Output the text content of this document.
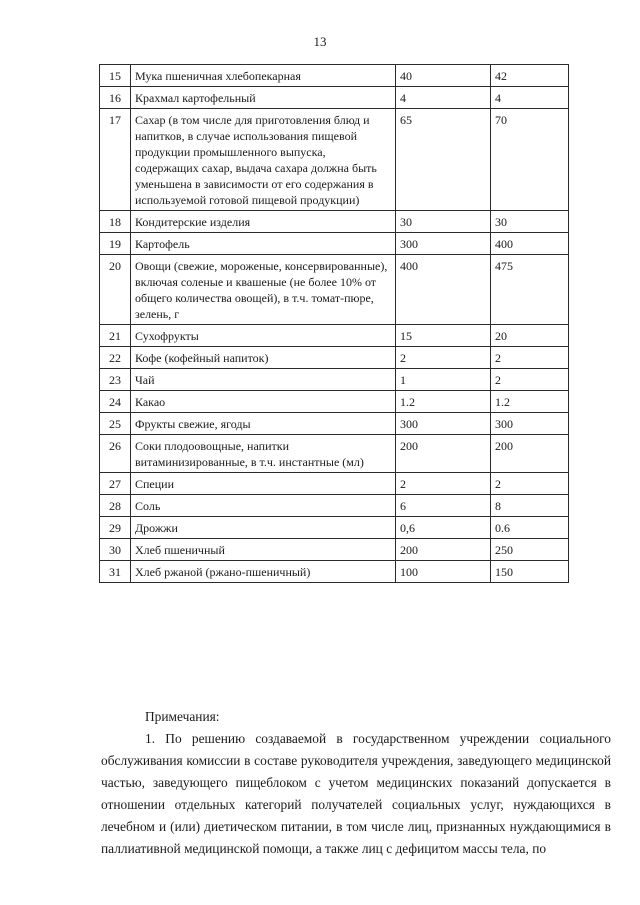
13
15	Мука пшеничная хлебопекарная	40	42
16	Крахмал картофельный	4	4
17	Сахар (в том числе для приготовления блюд и напитков, в случае использования пищевой продукции промышленного выпуска, содержащих сахар, выдача сахара должна быть уменьшена в зависимости от его содержания в используемой готовой пищевой продукции)	65	70
18	Кондитерские изделия	30	30
19	Картофель	300	400
20	Овощи (свежие, мороженые, консервированные), включая соленые и квашеные (не более 10% от общего количества овощей), в т.ч. томат-пюре, зелень, г	400	475
21	Сухофрукты	15	20
22	Кофе (кофейный напиток)	2	2
23	Чай	1	2
24	Какао	1.2	1.2
25	Фрукты свежие, ягоды	300	300
26	Соки плодоовощные, напитки витаминизированные, в т.ч. инстантные (мл)	200	200
27	Специи	2	2
28	Соль	6	8
29	Дрожжи	0,6	0.6
30	Хлеб пшеничный	200	250
31	Хлеб ржаной (ржано-пшеничный)	100	150
Примечания:

1. По решению создаваемой в государственном учреждении социального обслуживания комиссии в составе руководителя учреждения, заведующего медицинской частью, заведующего пищеблоком с учетом медицинских показаний допускается в отношении отдельных категорий получателей социальных услуг, нуждающихся в лечебном и (или) диетическом питании, в том числе лиц, признанных нуждающимися в паллиативной медицинской помощи, а также лиц с дефицитом массы тела, по
